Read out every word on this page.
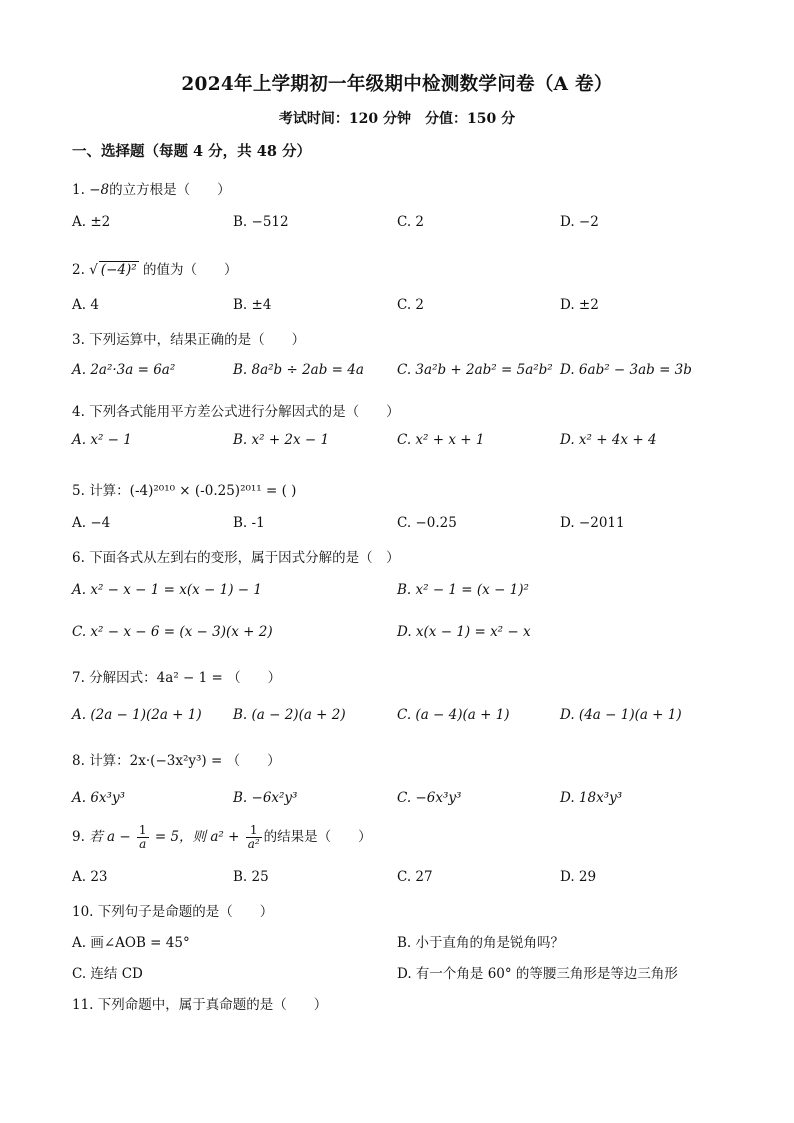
2024年上学期初一年级期中检测数学问卷（A 卷）
考试时间：120 分钟　分值：150 分
一、选择题（每题 4 分，共 48 分）
1. −8的立方根是（　　）
A. ±2	B. −512	C. 2	D. −2
2. √ (−4)² 的值为（　　）
A. 4	B. ±4	C. 2	D. ±2
3. 下列运算中，结果正确的是（　　）
A. 2a²·3a = 6a²	B. 8a²b ÷ 2ab = 4a C. 3a²b + 2ab² = 5a²b² D. 6ab² − 3ab = 3b
4. 下列各式能用平方差公式进行分解因式的是（　　）
A. x² − 1	B. x² + 2x − 1	C. x² + x + 1	D. x² + 4x + 4
5. 计算：(-4)²⁰¹⁰ × (-0.25)²⁰¹¹ = ( )
A. −4	B. -1	C. −0.25	D. −2011
6. 下面各式从左到右的变形，属于因式分解的是（　）
A. x² − x − 1 = x(x − 1) − 1	B. x² − 1 = (x − 1)²
C. x² − x − 6 = (x − 3)(x + 2)	D. x(x − 1) = x² − x
7. 分解因式：4a² − 1 = （　　）
A. (2a − 1)(2a + 1) B. (a − 2)(a + 2)	C. (a − 4)(a + 1)	D. (4a − 1)(a + 1)
8. 计算：2x·(−3x²y³) = （　　）
A. 6x³y³	B. −6x²y³	C. −6x³y³	D. 18x³y³
9. 若 $a - \frac{1}{a} = 5$，则 $a^2 + \frac{1}{\text{a²}}$ 的结果是（　　）
A. 23	B. 25	C. 27	D. 29
10. 下列句子是命题的是（　　）
A. 画∠AOB = 45°	B. 小于直角的角是锐角吗？
C. 连结 CD	D. 有一个角是 60° 的等腰三角形是等边三角形
11. 下列命题中，属于真命题的是（　　）
